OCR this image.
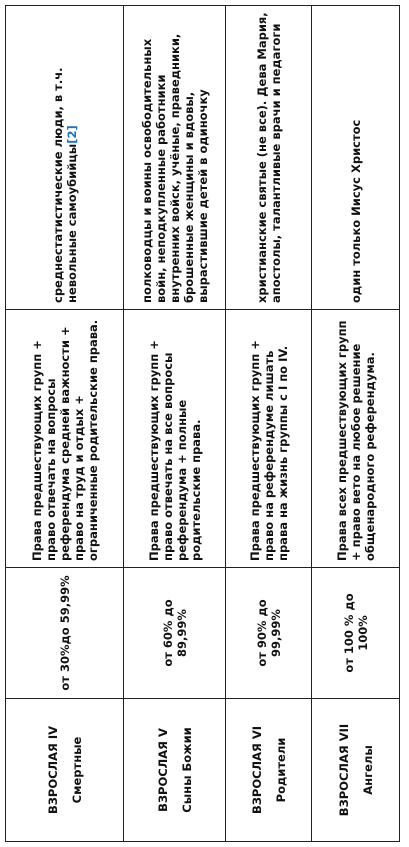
ВЗРОСЛАЯ IV Смертные	от 30%до 59,99%	Права предшествующих групп + право отвечать на вопросы референдума средней важности + право на труд и отдых + ограниченные родительские права.	среднестатистические люди, в т.ч. невольные самоубийцы[2]

ВЗРОСЛАЯ V Сыны Божии	от 60% до 89,99%	Права предшествующих групп + право отвечать на все вопросы референдума + полные родительские права.	полководцы и воины освободительных войн, неподкупленные работники внутренних войск, учёные, праведники, брошенные женщины и вдовы, вырастившие детей в одиночку

ВЗРОСЛАЯ VI Родители	от 90% до 99,99%	Права предшествующих групп + право на референдуме лишать права на жизнь группы с I по IV.	христианские святые (не все). Дева Мария, апостолы, талантливые врачи и педагоги

ВЗРОСЛАЯ VII Ангелы	от 100 % до 100%	Права всех предшествующих групп + право вето на любое решение общенародного референдума.	один только Иисус Христос
